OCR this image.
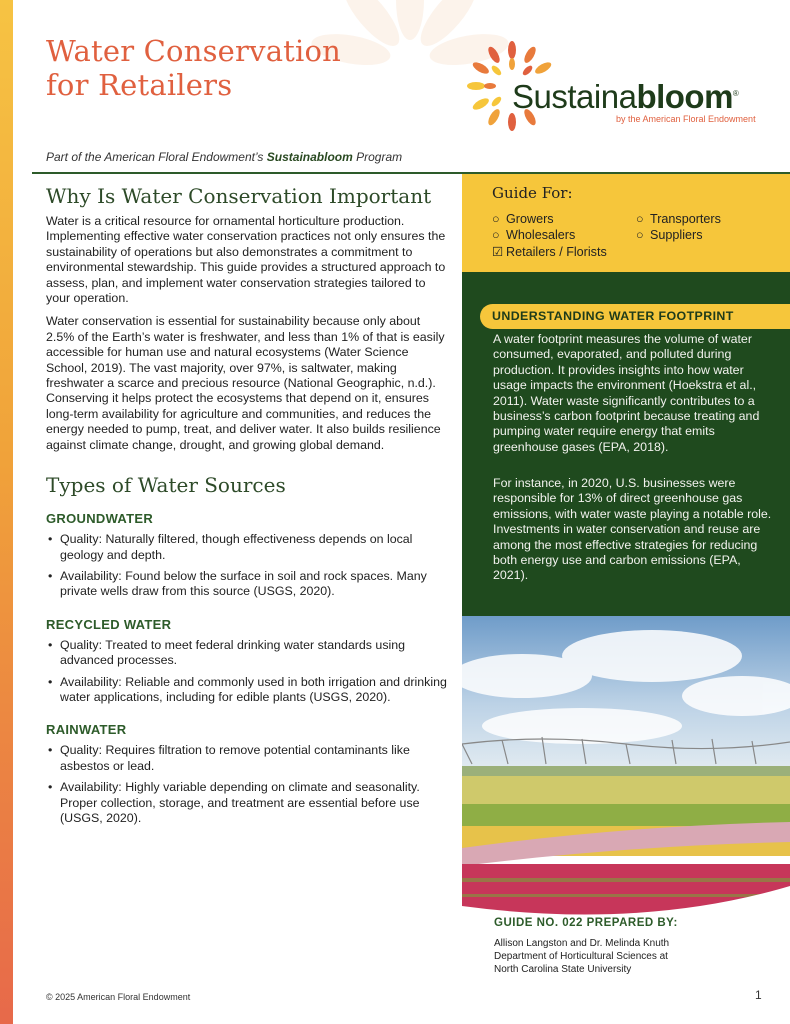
Water Conservation
for Retailers	Sustainabloom®
by the American Floral Endowment
Part of the American Floral Endowment’s Sustainabloom Program
Why Is Water Conservation Important

Water is a critical resource for ornamental horticulture production. Implementing effective water conservation practices not only ensures the sustainability of operations but also demonstrates a commitment to environmental stewardship. This guide provides a structured approach to assess, plan, and implement water conservation strategies tailored to your operation.

Water conservation is essential for sustainability because only about 2.5% of the Earth’s water is freshwater, and less than 1% of that is easily accessible for human use and natural ecosystems (Water Science School, 2019). The vast majority, over 97%, is saltwater, making freshwater a scarce and precious resource (National Geographic, n.d.). Conserving it helps protect the ecosystems that depend on it, ensures long-term availability for agriculture and communities, and reduces the energy needed to pump, treat, and deliver water. It also builds resilience against climate change, drought, and growing global demand.

Types of Water Sources
GROUNDWATER
• Quality: Naturally filtered, though effectiveness depends on local geology and depth.
• Availability: Found below the surface in soil and rock spaces. Many private wells draw from this source (USGS, 2020).
RECYCLED WATER
• Quality: Treated to meet federal drinking water standards using advanced processes.
• Availability: Reliable and commonly used in both irrigation and drinking water applications, including for edible plants (USGS, 2020).
RAINWATER
• Quality: Requires filtration to remove potential contaminants like asbestos or lead.
• Availability: Highly variable depending on climate and seasonality. Proper collection, storage, and treatment are essential before use (USGS, 2020).
Guide For:
○ Growers
○ Wholesalers
☑ Retailers / Florists
○ Transporters
○ Suppliers
UNDERSTANDING WATER FOOTPRINT

A water footprint measures the volume of water consumed, evaporated, and polluted during production. It provides insights into how water usage impacts the environment (Hoekstra et al., 2011). Water waste significantly contributes to a business’s carbon footprint because treating and pumping water require energy that emits greenhouse gases (EPA, 2018).

For instance, in 2020, U.S. businesses were responsible for 13% of direct greenhouse gas emissions, with water waste playing a notable role. Investments in water conservation and reuse are among the most effective strategies for reducing both energy use and carbon emissions (EPA, 2021).

GUIDE NO. 022 PREPARED BY:
Allison Langston and Dr. Melinda Knuth
Department of Horticultural Sciences at
North Carolina State University
© 2025 American Floral Endowment	1
